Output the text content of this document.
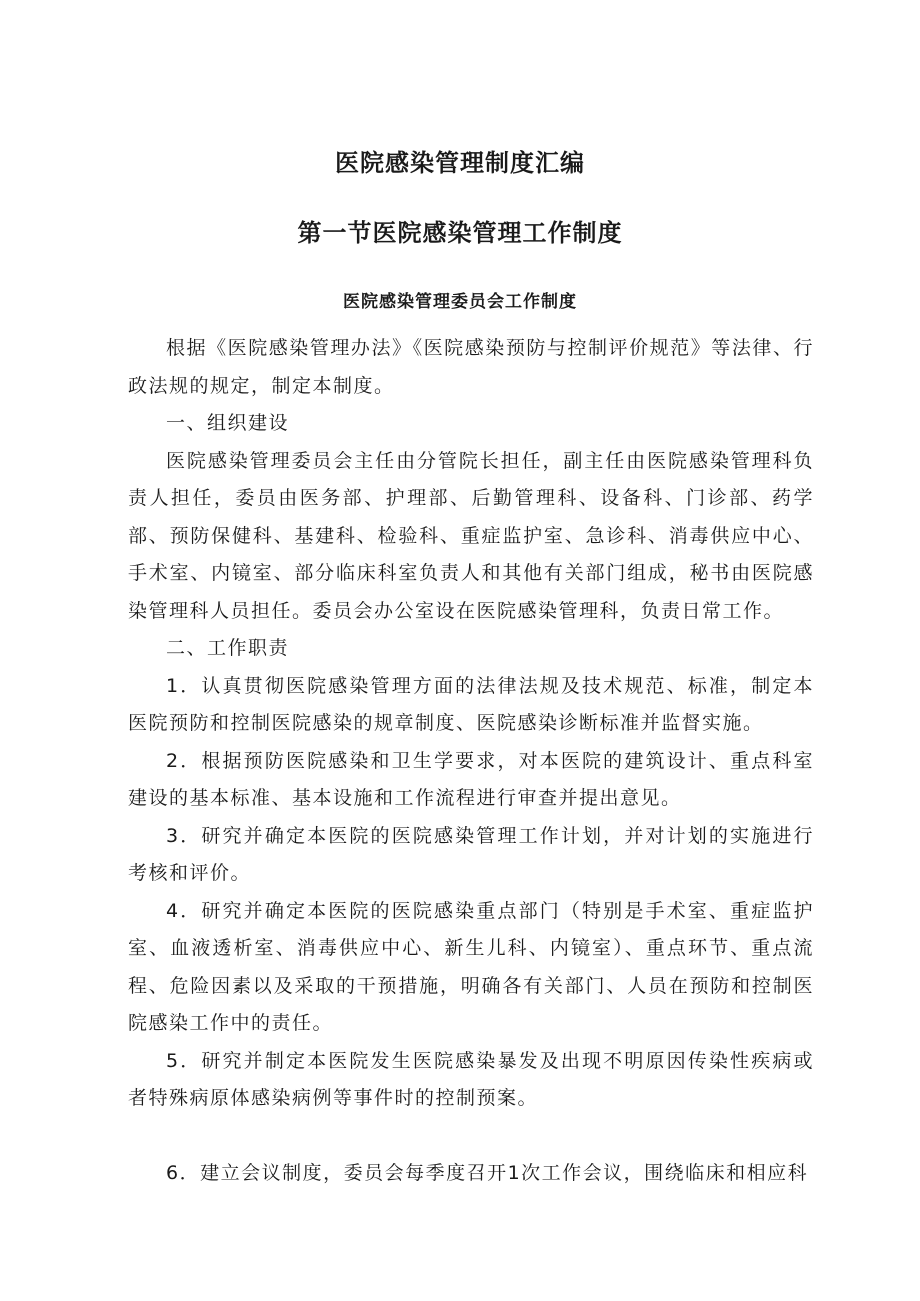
医院感染管理制度汇编
第一节医院感染管理工作制度
医院感染管理委员会工作制度

根据《医院感染管理办法》《医院感染预防与控制评价规范》等法律、行政法规的规定，制定本制度。

一、组织建设

医院感染管理委员会主任由分管院长担任，副主任由医院感染管理科负责人担任，委员由医务部、护理部、后勤管理科、设备科、门诊部、药学部、预防保健科、基建科、检验科、重症监护室、急诊科、消毒供应中心、手术室、内镜室、部分临床科室负责人和其他有关部门组成，秘书由医院感染管理科人员担任。委员会办公室设在医院感染管理科，负责日常工作。

二、工作职责

1．认真贯彻医院感染管理方面的法律法规及技术规范、标准，制定本医院预防和控制医院感染的规章制度、医院感染诊断标准并监督实施。

2．根据预防医院感染和卫生学要求，对本医院的建筑设计、重点科室建设的基本标准、基本设施和工作流程进行审查并提出意见。

3．研究并确定本医院的医院感染管理工作计划，并对计划的实施进行考核和评价。

4．研究并确定本医院的医院感染重点部门（特别是手术室、重症监护室、血液透析室、消毒供应中心、新生儿科、内镜室）、重点环节、重点流程、危险因素以及采取的干预措施，明确各有关部门、人员在预防和控制医院感染工作中的责任。

5．研究并制定本医院发生医院感染暴发及出现不明原因传染性疾病或者特殊病原体感染病例等事件时的控制预案。

6．建立会议制度，委员会每季度召开1次工作会议，围绕临床和相应科
